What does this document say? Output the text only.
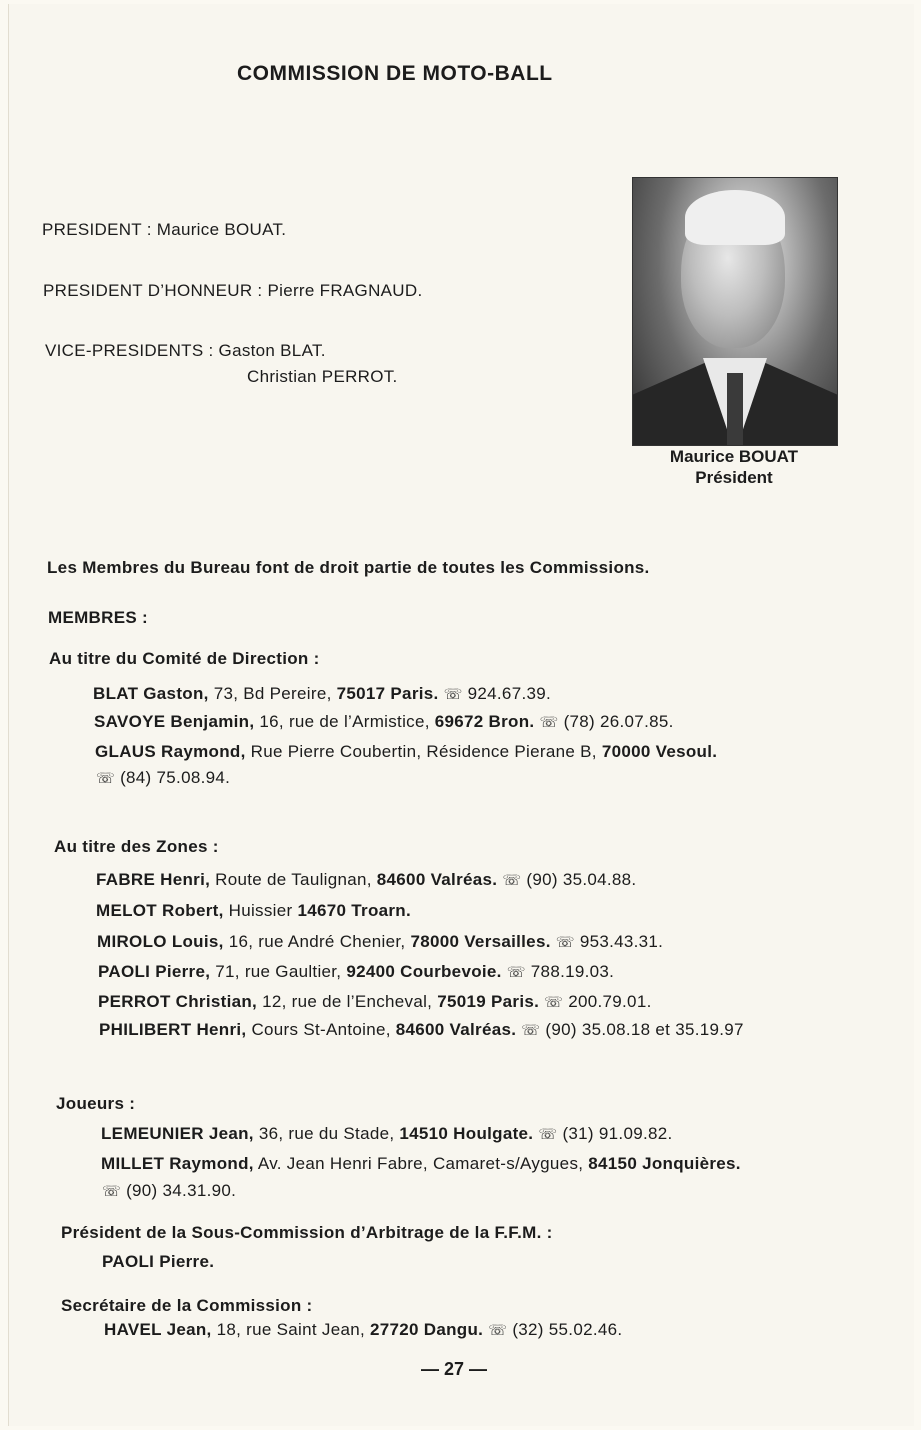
COMMISSION DE MOTO-BALL
PRESIDENT : Maurice BOUAT.
PRESIDENT D’HONNEUR : Pierre FRAGNAUD.
VICE-PRESIDENTS : Gaston BLAT.
Christian PERROT.
Maurice BOUAT
Président
Les Membres du Bureau font de droit partie de toutes les Commissions.
MEMBRES :
Au titre du Comité de Direction :
BLAT Gaston, 73, Bd Pereire, 75017 Paris. ☏ 924.67.39.
SAVOYE Benjamin, 16, rue de l’Armistice, 69672 Bron. ☏ (78) 26.07.85.
GLAUS Raymond, Rue Pierre Coubertin, Résidence Pierane B, 70000 Vesoul.
☏ (84) 75.08.94.
Au titre des Zones :
FABRE Henri, Route de Taulignan, 84600 Valréas. ☏ (90) 35.04.88.
MELOT Robert, Huissier 14670 Troarn.
MIROLO Louis, 16, rue André Chenier, 78000 Versailles. ☏ 953.43.31.
PAOLI Pierre, 71, rue Gaultier, 92400 Courbevoie. ☏ 788.19.03.
PERROT Christian, 12, rue de l’Encheval, 75019 Paris. ☏ 200.79.01.
PHILIBERT Henri, Cours St-Antoine, 84600 Valréas. ☏ (90) 35.08.18 et 35.19.97
Joueurs :
LEMEUNIER Jean, 36, rue du Stade, 14510 Houlgate. ☏ (31) 91.09.82.
MILLET Raymond, Av. Jean Henri Fabre, Camaret-s/Aygues, 84150 Jonquières.
☏ (90) 34.31.90.
Président de la Sous-Commission d’Arbitrage de la F.F.M. :
PAOLI Pierre.
Secrétaire de la Commission :
HAVEL Jean, 18, rue Saint Jean, 27720 Dangu. ☏ (32) 55.02.46.
— 27 —
